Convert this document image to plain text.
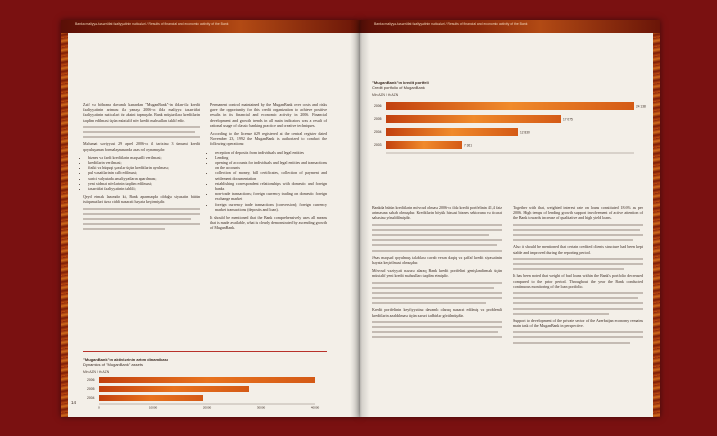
Banka maliyyə-təsərrüfat fəaliyyətinin nəticələri / Results of financial and economic activity of the Bank

Zəif və böhrana davamlı kənardan "MuganBank"-in ildən-ilə kredit fəaliyyətinin artması ilə yanaşı 2006-cı ildə maliyyə təsərrüfat fəaliyyətinin nəticələri öz əksini tapmışdır. Bank müştərilərə kreditlərin təqdim edilməsi üçün müxtəlif növ kredit məhsulları təklif edir.

Məlumat səviyyəsi 29 aprel 2006-cı il tarixinə 3 ümumi kredit qoyuluşunun formalaşmasında əsas rol oynamışdır:

• biznes və fərdi kreditlərin məqsədli verilməsi;
• kreditlərin verilməsi;
• fiziki və hüquqi şəxslər üçün kreditlərin ayrılması;
• pul vəsaitlərinin cəlb edilməsi;
• xarici valyutada əməliyyatların aparılması;
• yeni xidmət növlərinin təqdim edilməsi;
• təsərrüfat fəaliyyətinin təhlili;

Qeyd etmək lazımdır ki, Bank aparmaqda olduğu siyasətin bütün istiqamətləri üzrə ciddi nəzarəti həyata keçirmişdir.

Permanent control maintained by the MuganBank over costs and risks gave the opportunity for this credit organization to achieve positive results in its financial and economic activity in 2006. Financial development and growth trends in all main indicators was a result of rational usage of classic banking practice and creative techniques.

According to the license #29 registered at the central register dated November 23, 1992 the MuganBank is authorized to conduct the following operations:

• reception of deposits from individuals and legal entities
• Lending
• opening of accounts for individuals and legal entities and transactions on the accounts
• collection of money, bill certificates, collection of payment and settlement documentation
• establishing correspondent relationships with domestic and foreign banks
• non-trade transactions; foreign currency trading on domestic foreign exchange market
• foreign currency trade transactions (conversion); foreign currency market transactions (deposits and loan).

It should be mentioned that the Bank comprehensively uses all means that is made available, what is clearly demonstrated by ascending growth of MuganBank.

"MuganBank"ın aktivlərinin artım dinamikası
Dynamics of "MuganBank" assets
Min AZN / th AZN
2006
2005
2004
0	10000	20000	30000	40000
14
Banka maliyyə-təsərrüfat fəaliyyətinin nəticələri / Results of financial and economic activity of the Bank
"MuganBank"ın kredit portfeli
Credit portfolio of MuganBank
Min AZN / th AZN
2006	24 138
2005	17 075
2004	12 830
2003	7 361

Bankda bütün kreditlərin mövcud olması 2006-cı ildə kredit portfelinin 41,4 faiz artmasına səbəb olmuşdur. Kreditlərin böyük hissəsi biznes sektoruna və ticarət sahəsinə yönəldilmişdir.

Əsas məqsəd qoyulmuş tələblərə cavab verən dəqiq və şəffaf kredit siyasətinin həyata keçirilməsi olmuşdur.

Mövcud vəziyyəti nəzərə alaraq Bank kredit portfelini genişləndirmək üçün müxtəlif yeni kredit məhsulları təqdim etmişdir.

Kredit portfelinin keyfiyyətinə davamlı olaraq nəzarət edilmiş və problemli kreditlərin azaldılması üçün zəruri tədbirlər görülmüşdür.

Together with that, weighted interest rate on loans constituted 18.6% as per 2006. High temps of lending growth support involvement of active attention of the Bank towards increase of qualitative and high yield loans.

Also it should be mentioned that certain credited clients structure had been kept stable and improved during the reporting period.

It has been noted that weight of bad loans within the Bank's portfolio decreased compared to the prior period. Throughout the year the Bank conducted continuous monitoring of the loan portfolio.

Support to development of the private sector of the Azerbaijan economy remains main task of the MuganBank in perspective.
